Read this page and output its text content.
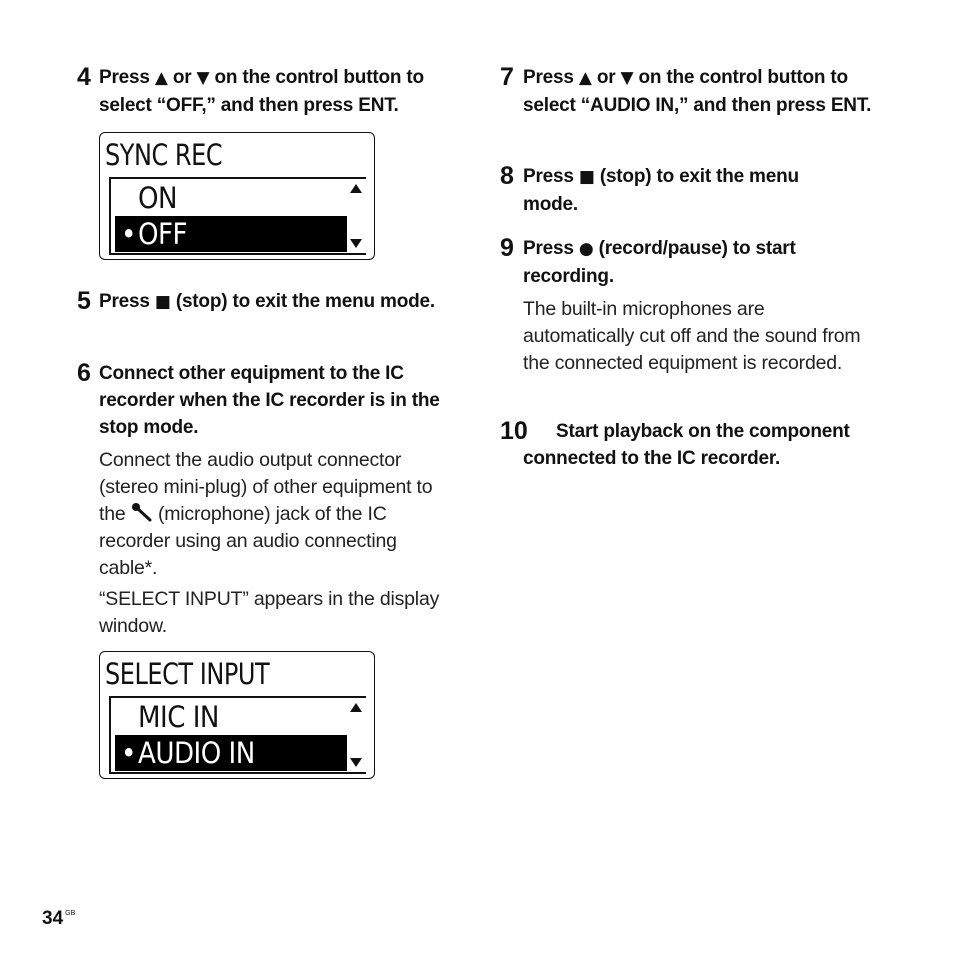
4 Press ▲ or ▼ on the control button to select “OFF,” and then press ENT.
SYNC REC
ON
• OFF
5 Press ■ (stop) to exit the menu mode.
6 Connect other equipment to the IC recorder when the IC recorder is in the stop mode.
Connect the audio output connector (stereo mini-plug) of other equipment to the  (microphone) jack of the IC recorder using an audio connecting cable*.
“SELECT INPUT” appears in the display window.
SELECT INPUT
MIC IN
• AUDIO IN
7 Press ▲ or ▼ on the control button to select “AUDIO IN,” and then press ENT.
8 Press ■ (stop) to exit the menu mode.
9 Press ● (record/pause) to start recording.
The built-in microphones are automatically cut off and the sound from the connected equipment is recorded.
10	Start playback on the component connected to the IC recorder.
34 $^{GB}$
